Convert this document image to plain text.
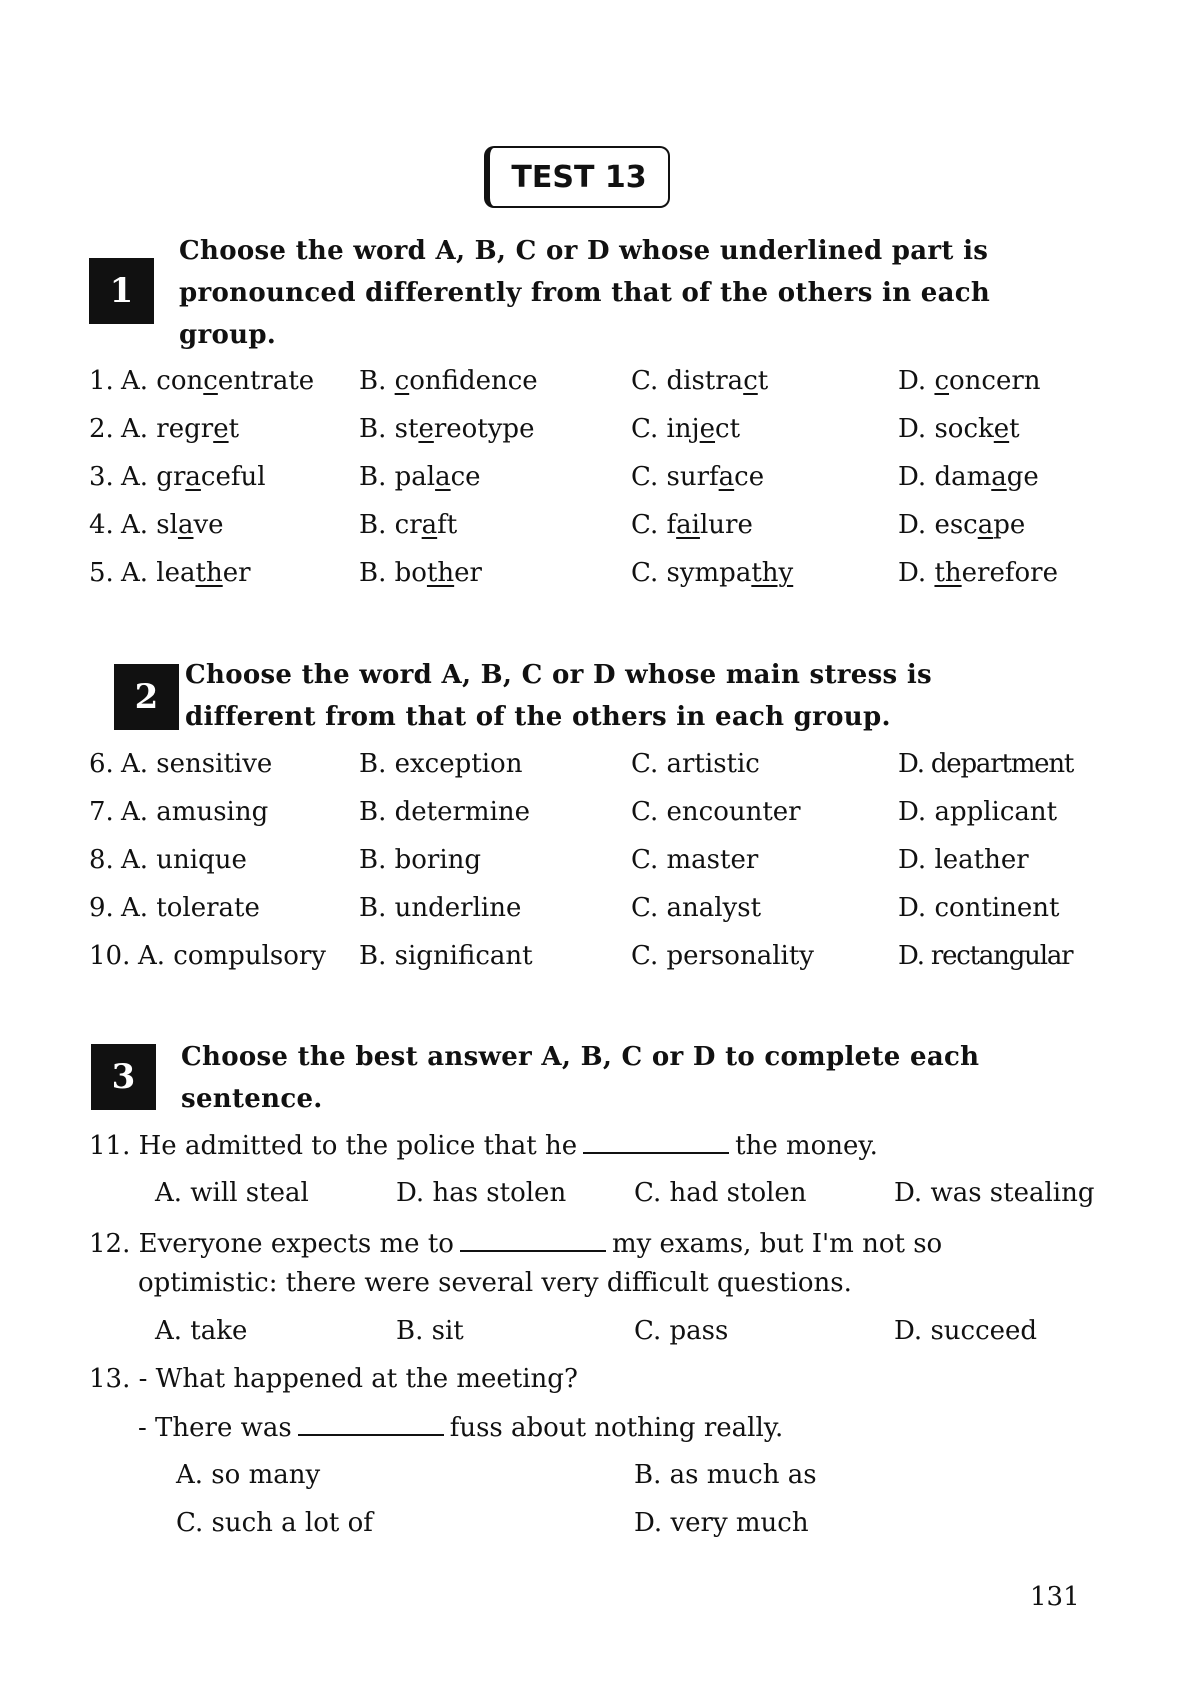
TEST 13
1
Choose the word A, B, C or D whose underlined part is
pronounced differently from that of the others in each
group.
1. A. concentrate B. confidence	C. distract	D. concern
2. A. regret	B. stereotype	C. inject	D. socket
3. A. graceful	B. palace	C. surface	D. damage
4. A. slave	B. craft	C. failure	D. escape
5. A. leather	B. bother	C. sympathy	D. therefore
2
Choose the word A, B, C or D whose main stress is
different from that of the others in each group.
6. A. sensitive	B. exception	C. artistic	D. department
7. A. amusing	B. determine	C. encounter	D. applicant
8. A. unique	B. boring	C. master	D. leather
9. A. tolerate	B. underline	C. analyst	D. continent
10. A. compulsory B. significant	C. personality	D. rectangular
3	Choose the best answer A, B, C or D to complete each
sentence.
11. He admitted to the police that he	the money.
A. will steal	D. has stolen	C. had stolen	D. was stealing
12. Everyone expects me to	my exams, but I'm not so
optimistic: there were several very difficult questions.
A. take	B. sit	C. pass	D. succeed
13. - What happened at the meeting?
- There was	fuss about nothing really.
A. so many	B. as much as
C. such a lot of	D. very much
131
